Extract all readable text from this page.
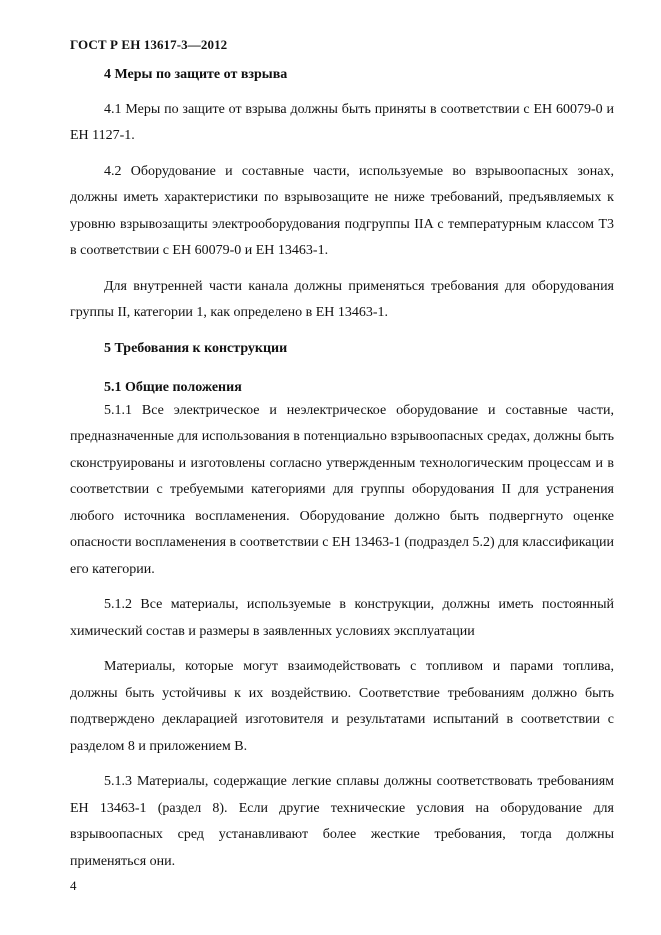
ГОСТ Р ЕН 13617-3—2012
4 Меры по защите от взрыва

4.1 Меры по защите от взрыва должны быть приняты в соответствии с ЕН 60079-0 и ЕН 1127-1.

4.2 Оборудование и составные части, используемые во взрывоопасных зонах, должны иметь характеристики по взрывозащите не ниже требований, предъявляемых к уровню взрывозащиты электрооборудования подгруппы IIA с температурным классом T3 в соответствии с ЕН 60079-0 и ЕН 13463-1.

Для внутренней части канала должны применяться требования для оборудования группы II, категории 1, как определено в ЕН 13463-1.

5 Требования к конструкции
5.1 Общие положения

5.1.1 Все электрическое и неэлектрическое оборудование и составные части, предназначенные для использования в потенциально взрывоопасных средах, должны быть сконструированы и изготовлены согласно утвержденным технологическим процессам и в соответствии с требуемыми категориями для группы оборудования II для устранения любого источника воспламенения. Оборудование должно быть подвергнуто оценке опасности воспламенения в соответствии с ЕН 13463-1 (подраздел 5.2) для классификации его категории.

5.1.2 Все материалы, используемые в конструкции, должны иметь постоянный химический состав и размеры в заявленных условиях эксплуатации

Материалы, которые могут взаимодействовать с топливом и парами топлива, должны быть устойчивы к их воздействию. Соответствие требованиям должно быть подтверждено декларацией изготовителя и результатами испытаний в соответствии с разделом 8 и приложением B.

5.1.3 Материалы, содержащие легкие сплавы должны соответствовать требованиям ЕН 13463-1 (раздел 8). Если другие технические условия на оборудование для взрывоопасных сред устанавливают более жесткие требования, тогда должны применяться они.

4
